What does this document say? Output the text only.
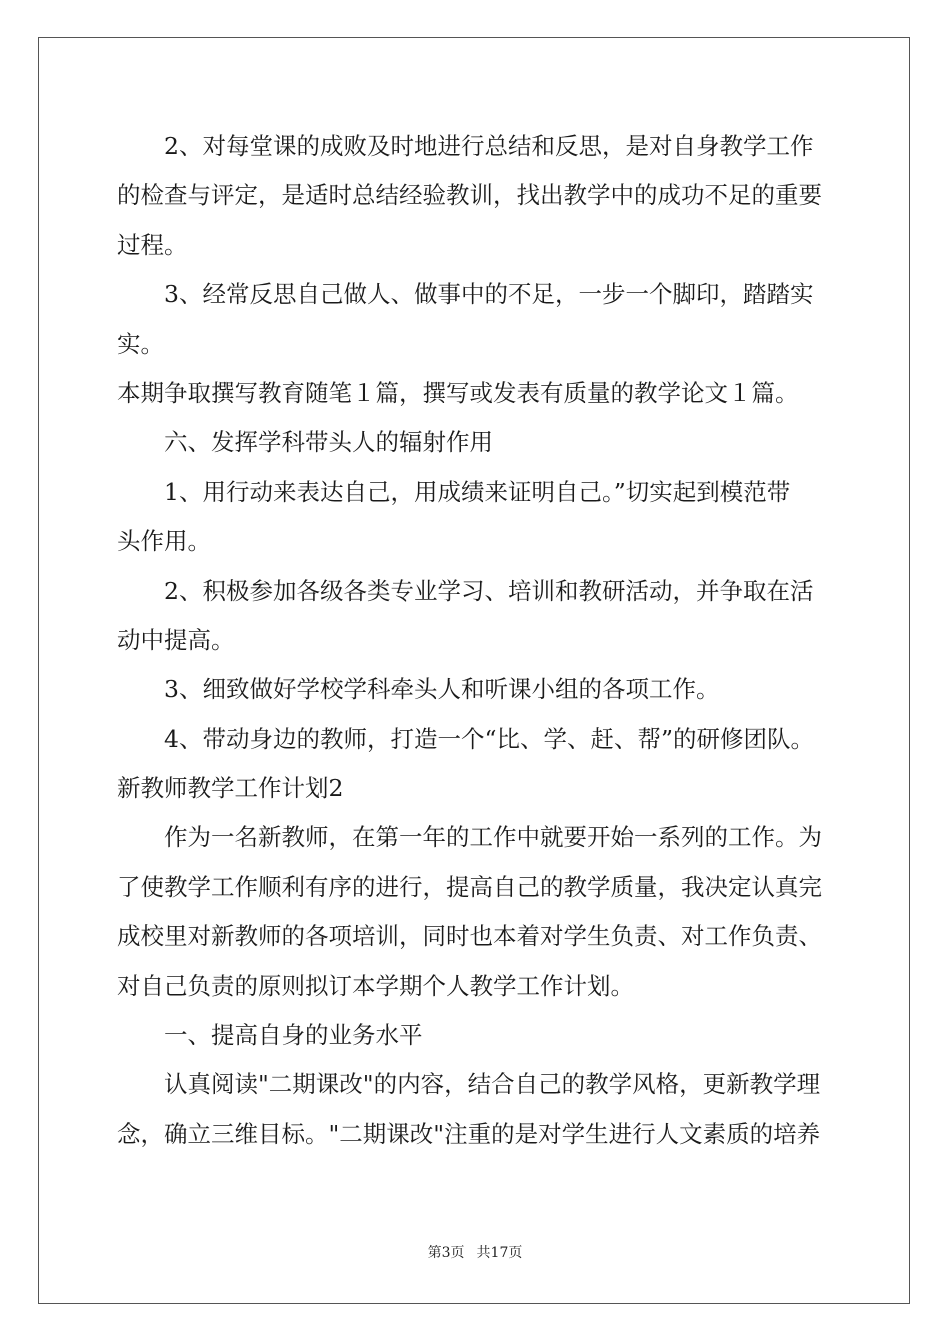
2、对每堂课的成败及时地进行总结和反思，是对自身教学工作
的检查与评定，是适时总结经验教训，找出教学中的成功不足的重要
过程。
3、经常反思自己做人、做事中的不足，一步一个脚印，踏踏实
实。
本期争取撰写教育随笔１篇，撰写或发表有质量的教学论文１篇。
六、发挥学科带头人的辐射作用
1、用行动来表达自己，用成绩来证明自己。”切实起到模范带
头作用。
2、积极参加各级各类专业学习、培训和教研活动，并争取在活
动中提高。
3、细致做好学校学科牵头人和听课小组的各项工作。
4、带动身边的教师，打造一个“比、学、赶、帮”的研修团队。
新教师教学工作计划2
作为一名新教师，在第一年的工作中就要开始一系列的工作。为
了使教学工作顺利有序的进行，提高自己的教学质量，我决定认真完
成校里对新教师的各项培训，同时也本着对学生负责、对工作负责、
对自己负责的原则拟订本学期个人教学工作计划。
一、提高自身的业务水平
认真阅读"二期课改"的内容，结合自己的教学风格，更新教学理
念，确立三维目标。"二期课改"注重的是对学生进行人文素质的培养
第3页 共17页
